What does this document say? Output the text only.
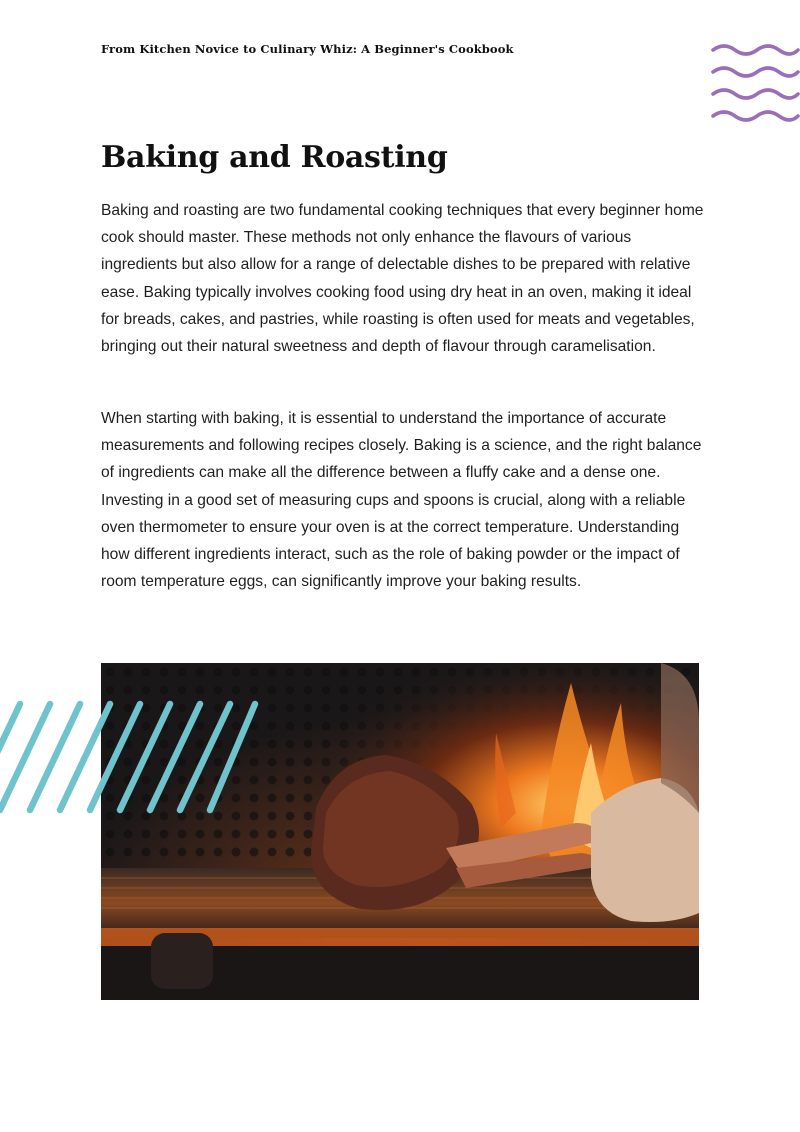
From Kitchen Novice to Culinary Whiz: A Beginner's Cookbook
Baking and Roasting

Baking and roasting are two fundamental cooking techniques that every beginner home cook should master. These methods not only enhance the flavours of various ingredients but also allow for a range of delectable dishes to be prepared with relative ease. Baking typically involves cooking food using dry heat in an oven, making it ideal for breads, cakes, and pastries, while roasting is often used for meats and vegetables, bringing out their natural sweetness and depth of flavour through caramelisation.

When starting with baking, it is essential to understand the importance of accurate measurements and following recipes closely. Baking is a science, and the right balance of ingredients can make all the difference between a fluffy cake and a dense one. Investing in a good set of measuring cups and spoons is crucial, along with a reliable oven thermometer to ensure your oven is at the correct temperature. Understanding how different ingredients interact, such as the role of baking powder or the impact of room temperature eggs, can significantly improve your baking results.
